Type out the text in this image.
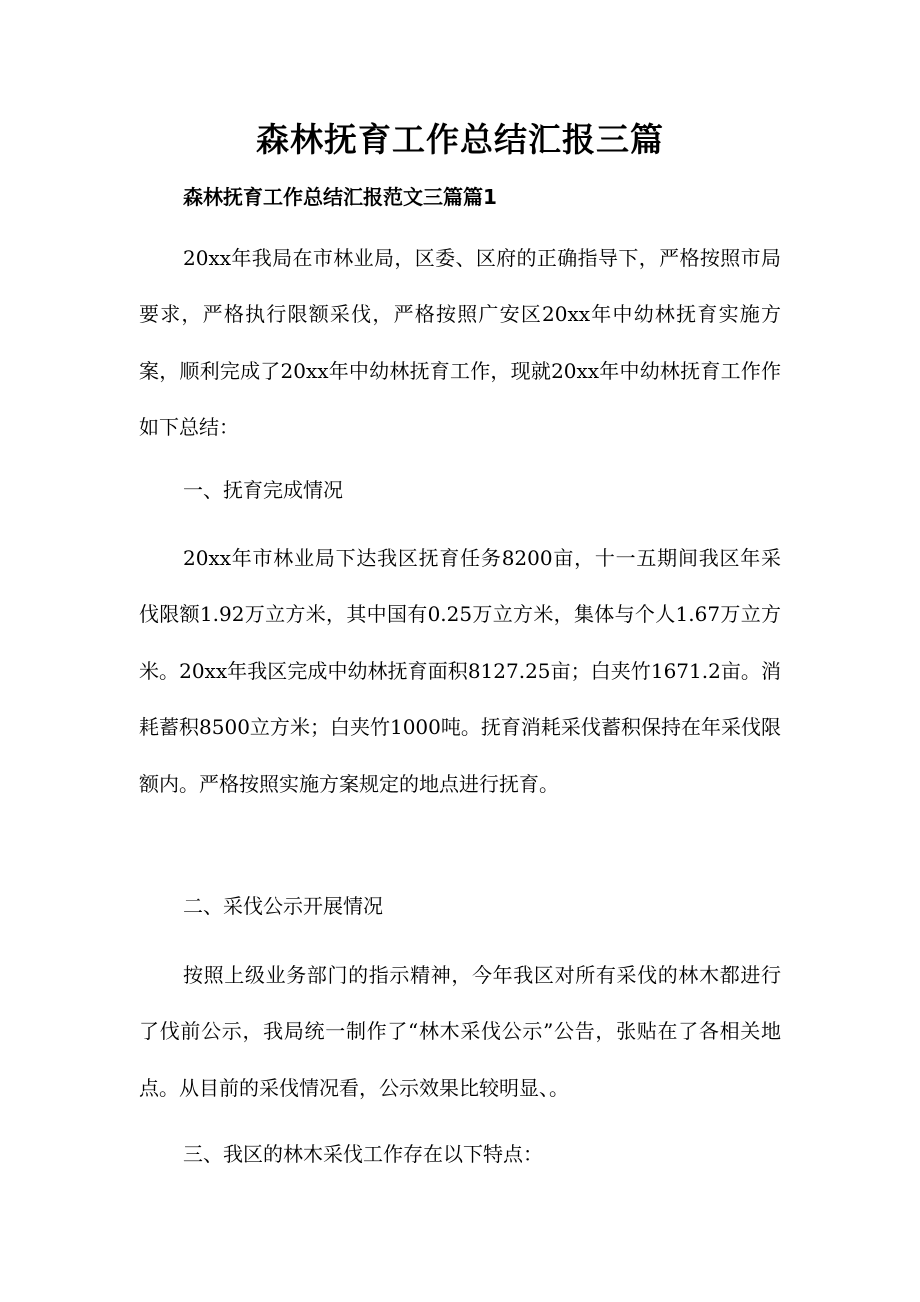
森林抚育工作总结汇报三篇

森林抚育工作总结汇报范文三篇篇1

20xx年我局在市林业局，区委、区府的正确指导下，严格按照市局要求，严格执行限额采伐，严格按照广安区20xx年中幼林抚育实施方案，顺利完成了20xx年中幼林抚育工作，现就20xx年中幼林抚育工作作如下总结：

一、抚育完成情况

20xx年市林业局下达我区抚育任务8200亩，十一五期间我区年采伐限额1.92万立方米，其中国有0.25万立方米，集体与个人1.67万立方米。20xx年我区完成中幼林抚育面积8127.25亩；白夹竹1671.2亩。消耗蓄积8500立方米；白夹竹1000吨。抚育消耗采伐蓄积保持在年采伐限额内。严格按照实施方案规定的地点进行抚育。

二、采伐公示开展情况

按照上级业务部门的指示精神，今年我区对所有采伐的林木都进行了伐前公示，我局统一制作了“林木采伐公示”公告，张贴在了各相关地点。从目前的采伐情况看，公示效果比较明显、。

三、我区的林木采伐工作存在以下特点：
